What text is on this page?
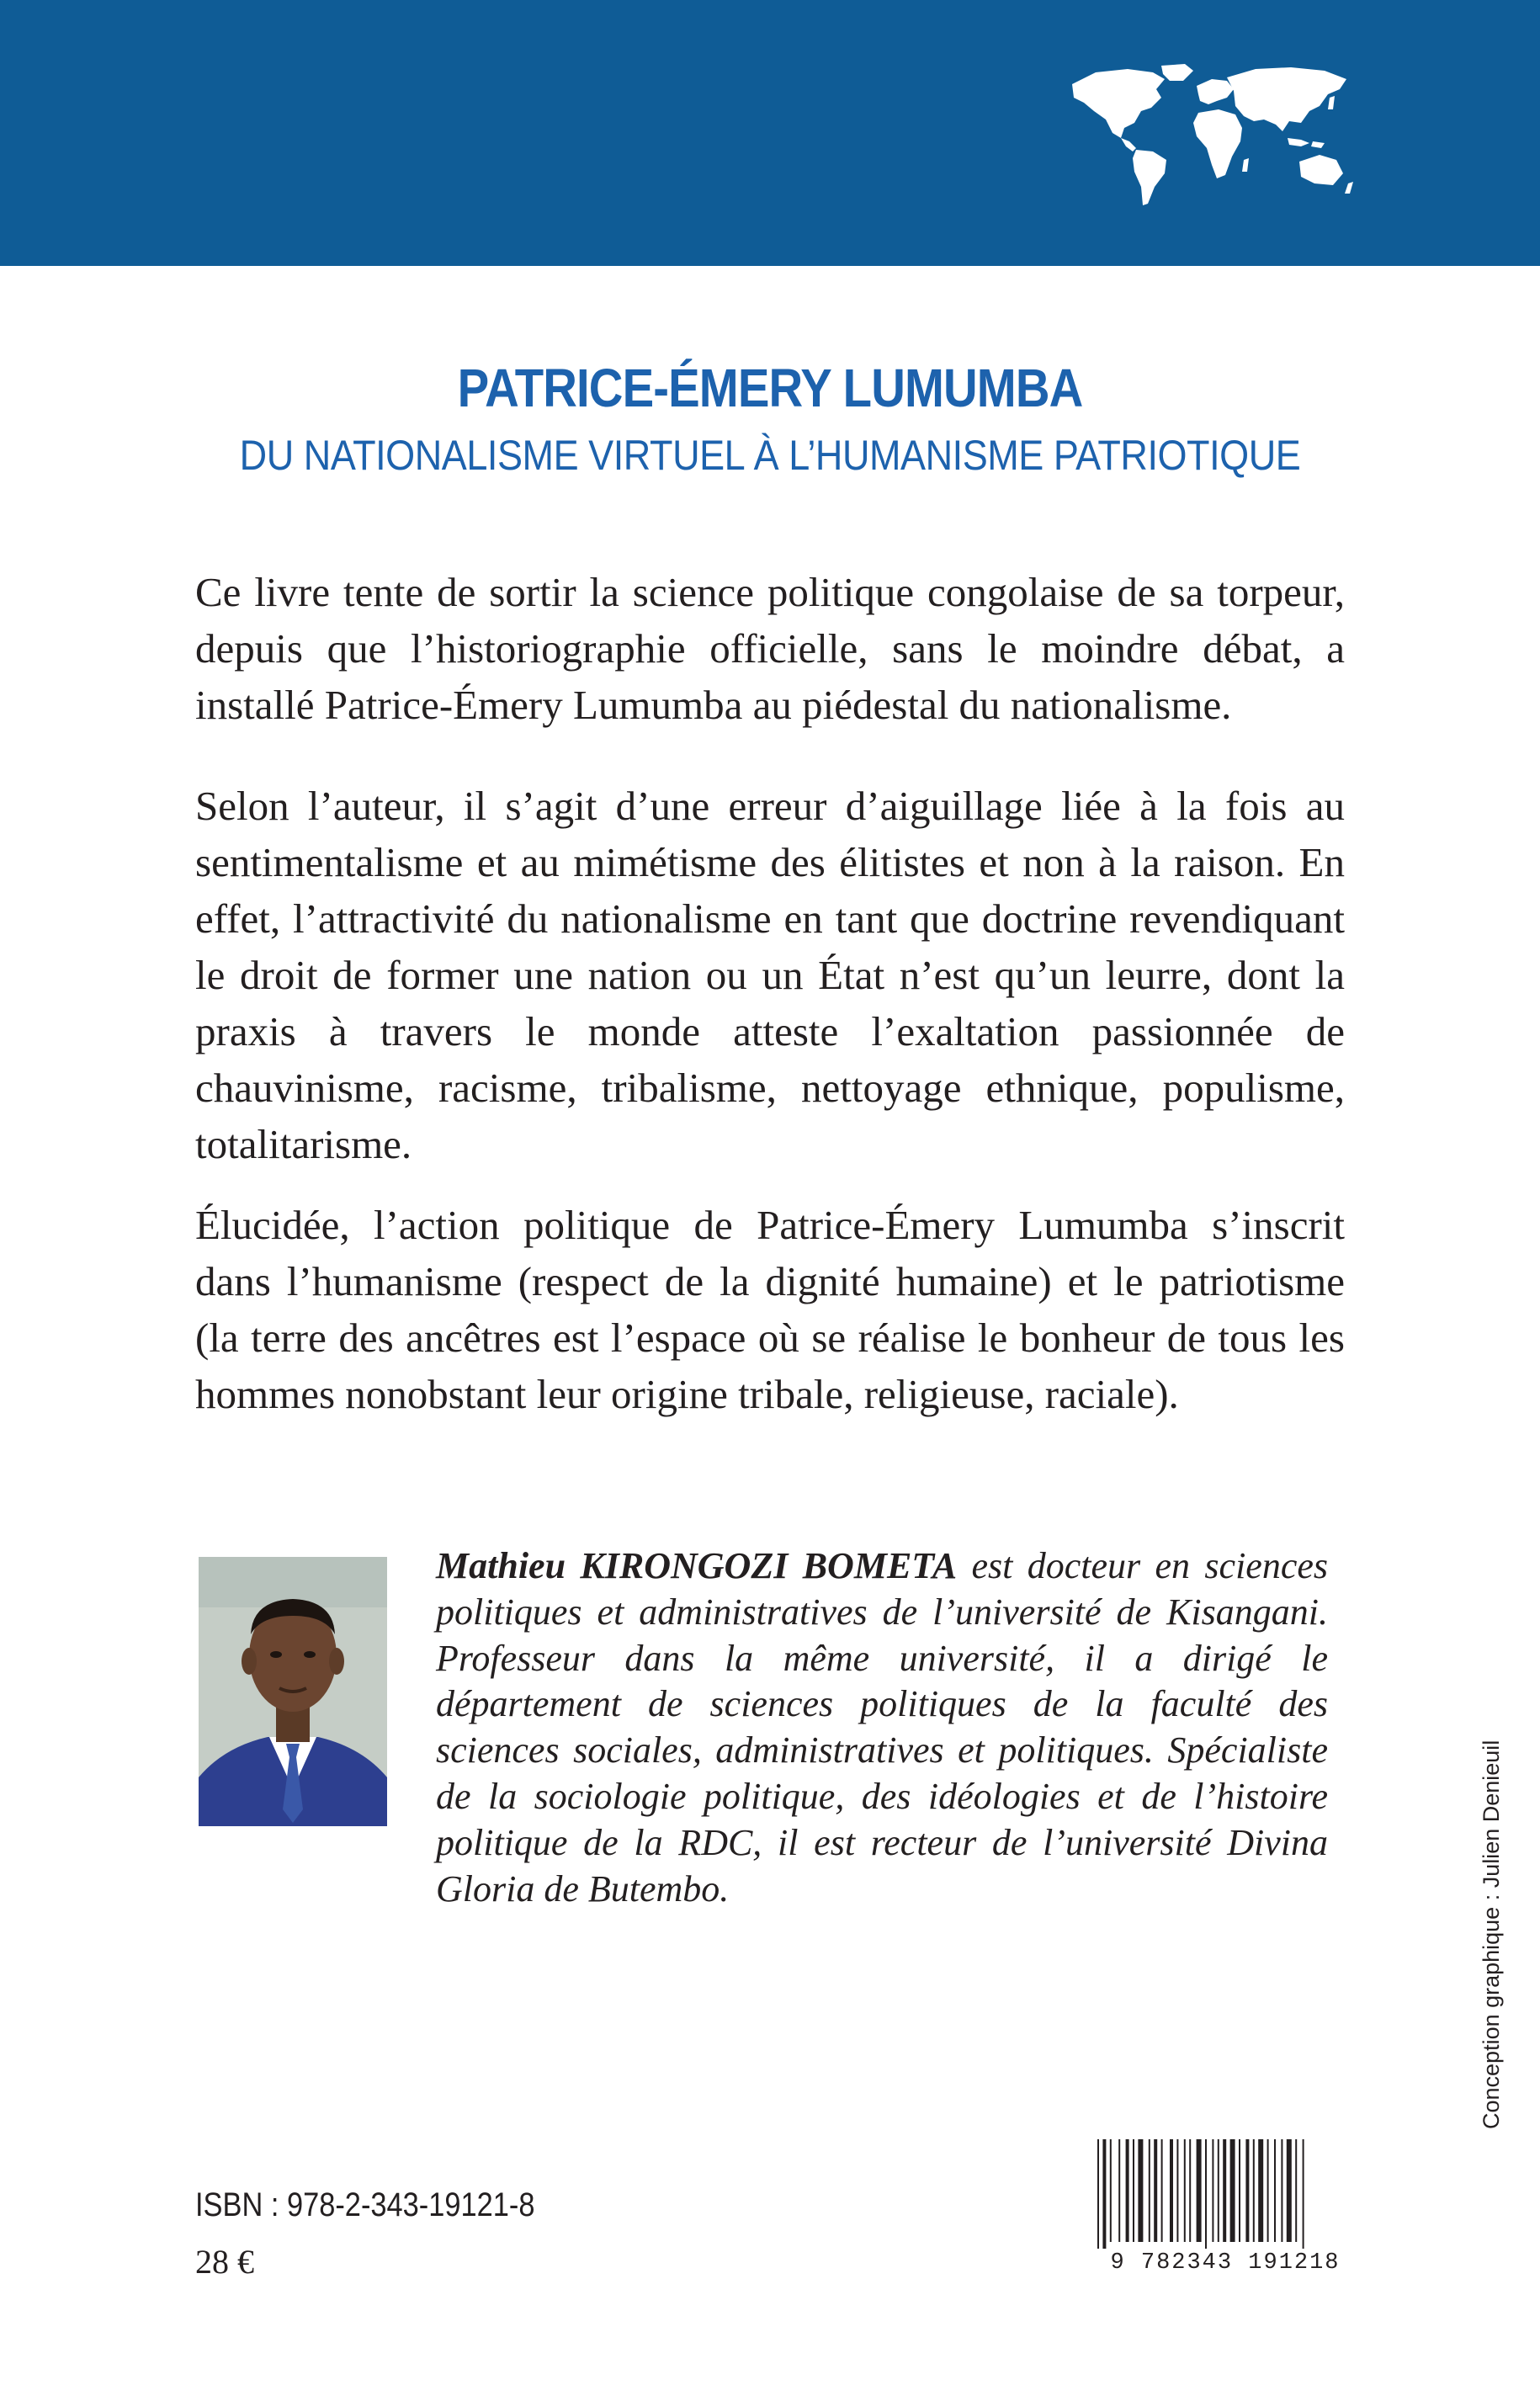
PATRICE-ÉMERY LUMUMBA
DU NATIONALISME VIRTUEL À L’HUMANISME PATRIOTIQUE

Ce livre tente de sortir la science politique congolaise de sa torpeur, depuis que l’historiographie officielle, sans le moindre débat, a installé Patrice-Émery Lumumba au piédestal du nationalisme.

Selon l’auteur, il s’agit d’une erreur d’aiguillage liée à la fois au sentimentalisme et au mimétisme des élitistes et non à la raison. En effet, l’attractivité du nationalisme en tant que doctrine revendiquant le droit de former une nation ou un État n’est qu’un leurre, dont la praxis à travers le monde atteste l’exaltation passionnée de chauvinisme, racisme, tribalisme, nettoyage ethnique, populisme, totalitarisme.

Élucidée, l’action politique de Patrice-Émery Lumumba s’inscrit dans l’humanisme (respect de la dignité humaine) et le patriotisme (la terre des ancêtres est l’espace où se réalise le bonheur de tous les hommes nonobstant leur origine tribale, religieuse, raciale).

Mathieu KIRONGOZI BOMETA est docteur en sciences politiques et administratives de l’université de Kisangani. Professeur dans la même université, il a dirigé le département de sciences politiques de la faculté des sciences sociales, administratives et politiques. Spécialiste de la sociologie politique, des idéologies et de l’histoire politique de la RDC, il est recteur de l’université Divina Gloria de Butembo.	Conception graphique : Julien Denieuil
ISBN : 978-2-343-19121-8
28 €	9 782343 191218
